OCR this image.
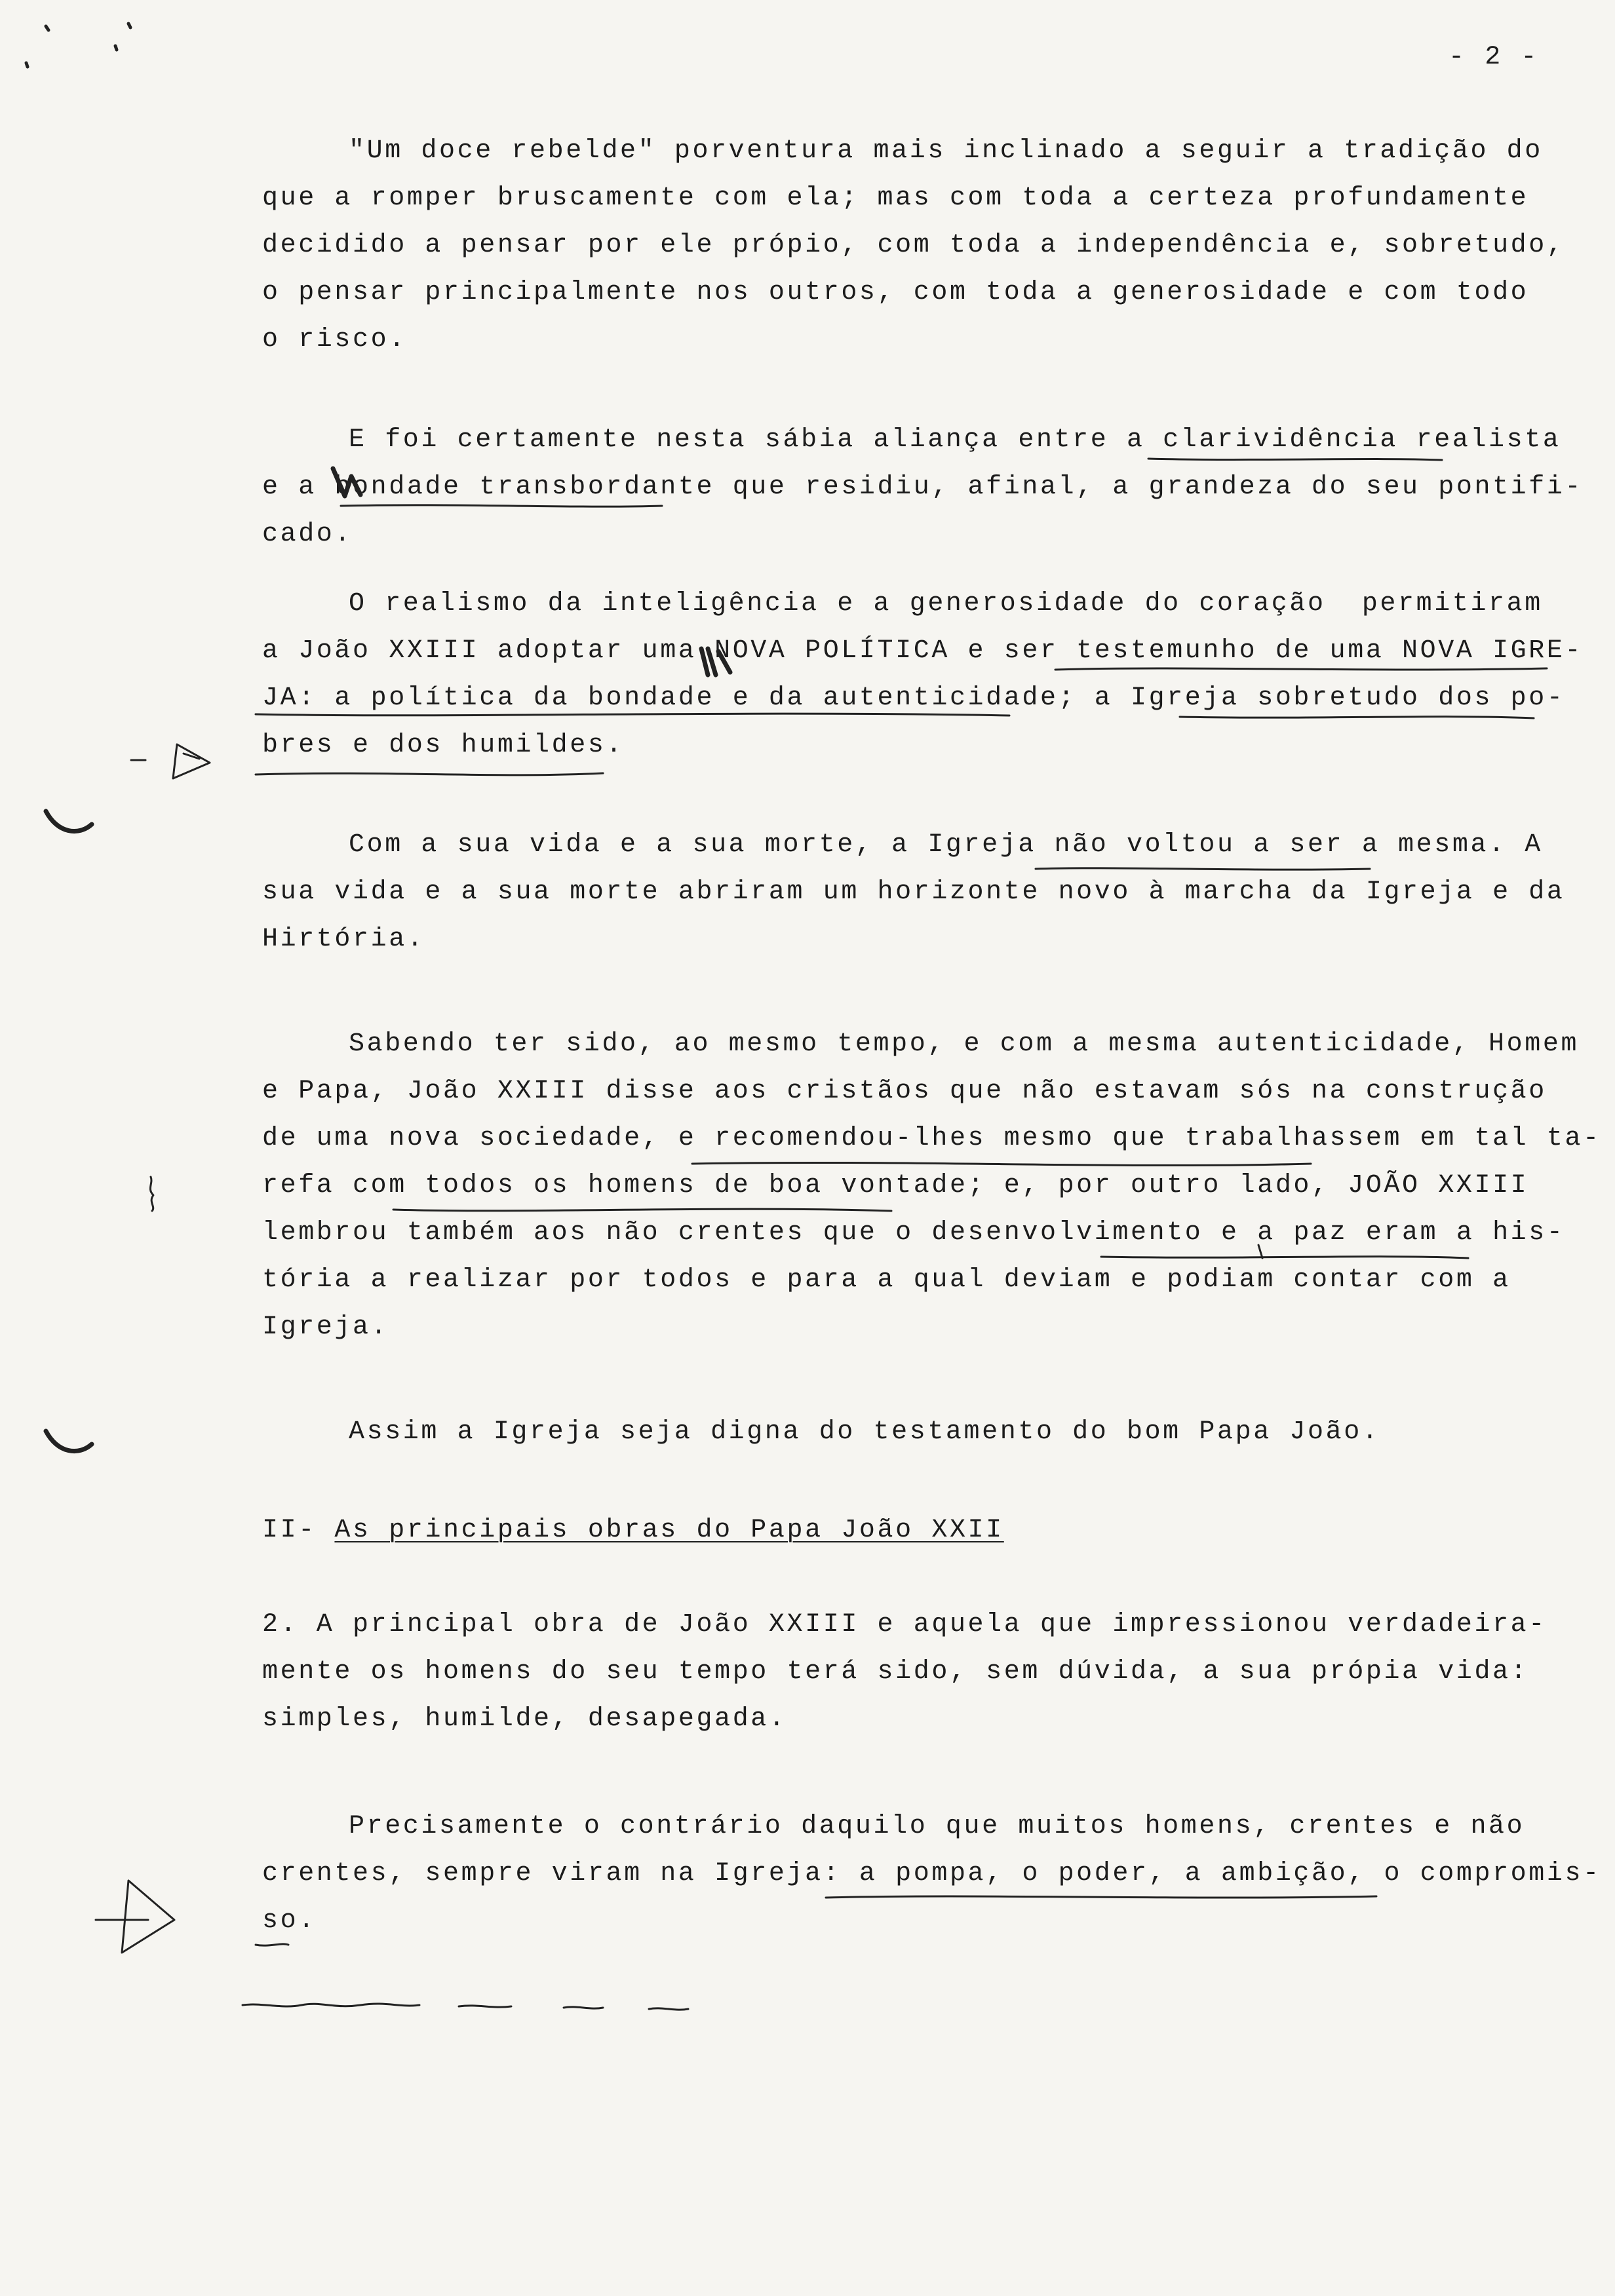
- 2 -

"Um doce rebelde" porventura mais inclinado a seguir a tradição do

que a romper bruscamente com ela; mas com toda a certeza profundamente

decidido a pensar por ele própio, com toda a independência e, sobretudo,

o pensar principalmente nos outros, com toda a generosidade e com todo

o risco.

E foi certamente nesta sábia aliança entre a clarividência realista

e a bondade transbordante que residiu, afinal, a grandeza do seu pontifi-

cado.

O realismo da inteligência e a generosidade do coração  permitiram

a João XXIII adoptar uma NOVA POLÍTICA e ser testemunho de uma NOVA IGRE-

JA: a política da bondade e da autenticidade; a Igreja sobretudo dos po-

bres e dos humildes.

Com a sua vida e a sua morte, a Igreja não voltou a ser a mesma. A

sua vida e a sua morte abriram um horizonte novo à marcha da Igreja e da

Hirtória.

Sabendo ter sido, ao mesmo tempo, e com a mesma autenticidade, Homem

e Papa, João XXIII disse aos cristãos que não estavam sós na construção

de uma nova sociedade, e recomendou-lhes mesmo que trabalhassem em tal ta-

refa com todos os homens de boa vontade; e, por outro lado, JOÃO XXIII

lembrou também aos não crentes que o desenvolvimento e a paz eram a his-

tória a realizar por todos e para a qual deviam e podiam contar com a

Igreja.

Assim a Igreja seja digna do testamento do bom Papa João.

II- As principais obras do Papa João XXII

2. A principal obra de João XXIII e aquela que impressionou verdadeira-

mente os homens do seu tempo terá sido, sem dúvida, a sua própia vida:

simples, humilde, desapegada.

Precisamente o contrário daquilo que muitos homens, crentes e não

crentes, sempre viram na Igreja: a pompa, o poder, a ambição, o compromis-

so.
